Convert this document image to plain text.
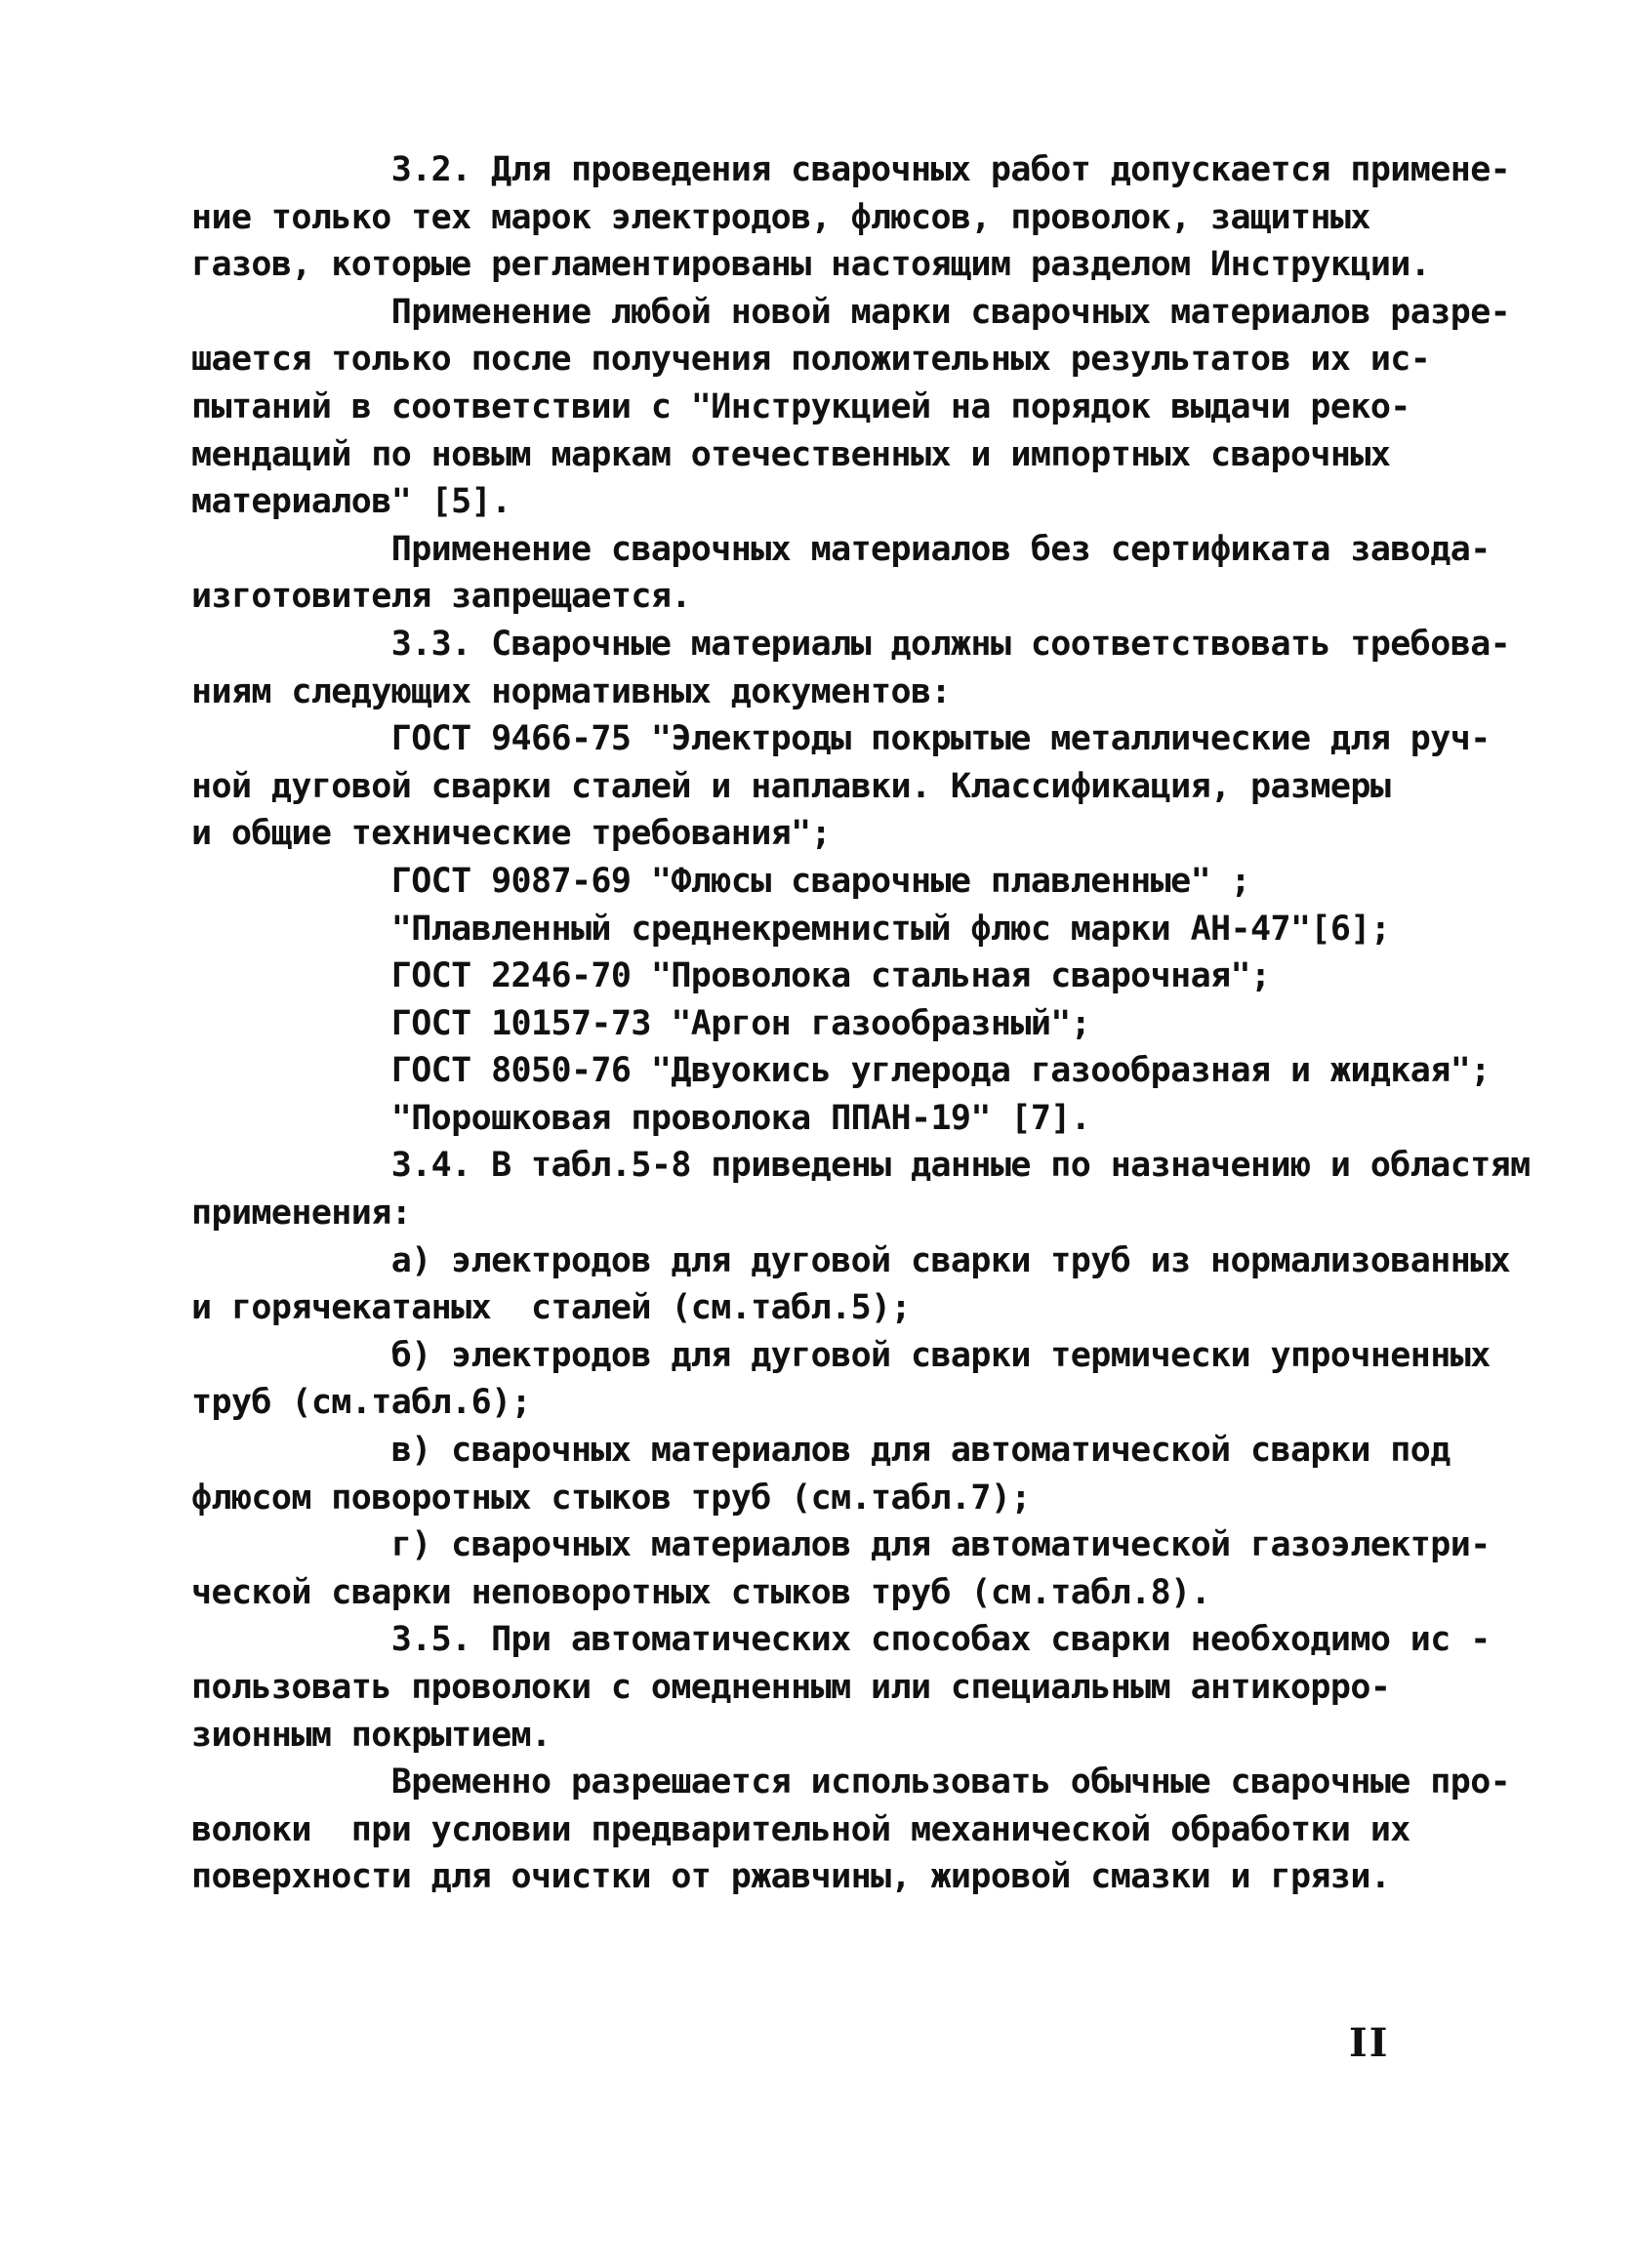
3.2. Для проведения сварочных работ допускается примене-
ние только тех марок электродов, флюсов, проволок, защитных
газов, которые регламентированы настоящим разделом Инструкции.
Применение любой новой марки сварочных материалов разре-
шается только после получения положительных результатов их ис-
пытаний в соответствии с "Инструкцией на порядок выдачи реко-
мендаций по новым маркам отечественных и импортных сварочных
материалов" [5].
Применение сварочных материалов без сертификата завода-
изготовителя запрещается.
3.3. Сварочные материалы должны соответствовать требова-
ниям следующих нормативных документов:
ГОСТ 9466-75 "Электроды покрытые металлические для руч-
ной дуговой сварки сталей и наплавки. Классификация, размеры
и общие технические требования";
ГОСТ 9087-69 "Флюсы сварочные плавленные" ;
"Плавленный среднекремнистый флюс марки АН-47"[6];
ГОСТ 2246-70 "Проволока стальная сварочная";
ГОСТ 10157-73 "Аргон газообразный";
ГОСТ 8050-76 "Двуокись углерода газообразная и жидкая";
"Порошковая проволока ППАН-19" [7].
3.4. В табл.5-8 приведены данные по назначению и областям
применения:
а) электродов для дуговой сварки труб из нормализованных
и горячекатаных  сталей (см.табл.5);
б) электродов для дуговой сварки термически упрочненных
труб (см.табл.6);
в) сварочных материалов для автоматической сварки под
флюсом поворотных стыков труб (см.табл.7);
г) сварочных материалов для автоматической газоэлектри-
ческой сварки неповоротных стыков труб (см.табл.8).
3.5. При автоматических способах сварки необходимо ис -
пользовать проволоки с омедненным или специальным антикорро-
зионным покрытием.
Временно разрешается использовать обычные сварочные про-
волоки  при условии предварительной механической обработки их
поверхности для очистки от ржавчины, жировой смазки и грязи.
II
